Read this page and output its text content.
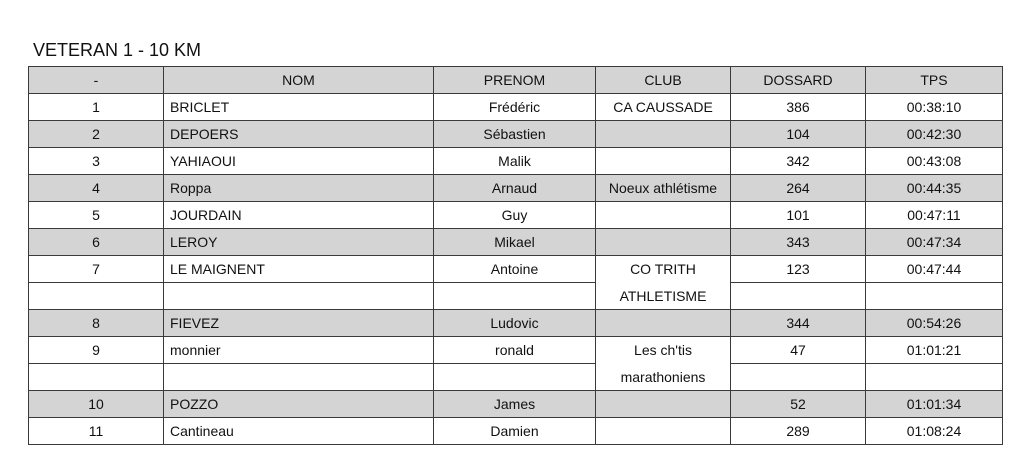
VETERAN 1 - 10 KM
-	NOM	PRENOM	CLUB	DOSSARD	TPS
1	BRICLET	Frédéric	CA CAUSSADE	386	00:38:10
2	DEPOERS	Sébastien		104	00:42:30
3	YAHIAOUI	Malik		342	00:43:08
4	Roppa	Arnaud	Noeux athlétisme	264	00:44:35
5	JOURDAIN	Guy		101	00:47:11
6	LEROY	Mikael		343	00:47:34
7	LE MAIGNENT	Antoine	CO TRITH	123	00:47:44
			ATHLETISME		
8	FIEVEZ	Ludovic		344	00:54:26
9	monnier	ronald	Les ch'tis	47	01:01:21
			marathoniens		
10	POZZO	James		52	01:01:34
11	Cantineau	Damien		289	01:08:24
